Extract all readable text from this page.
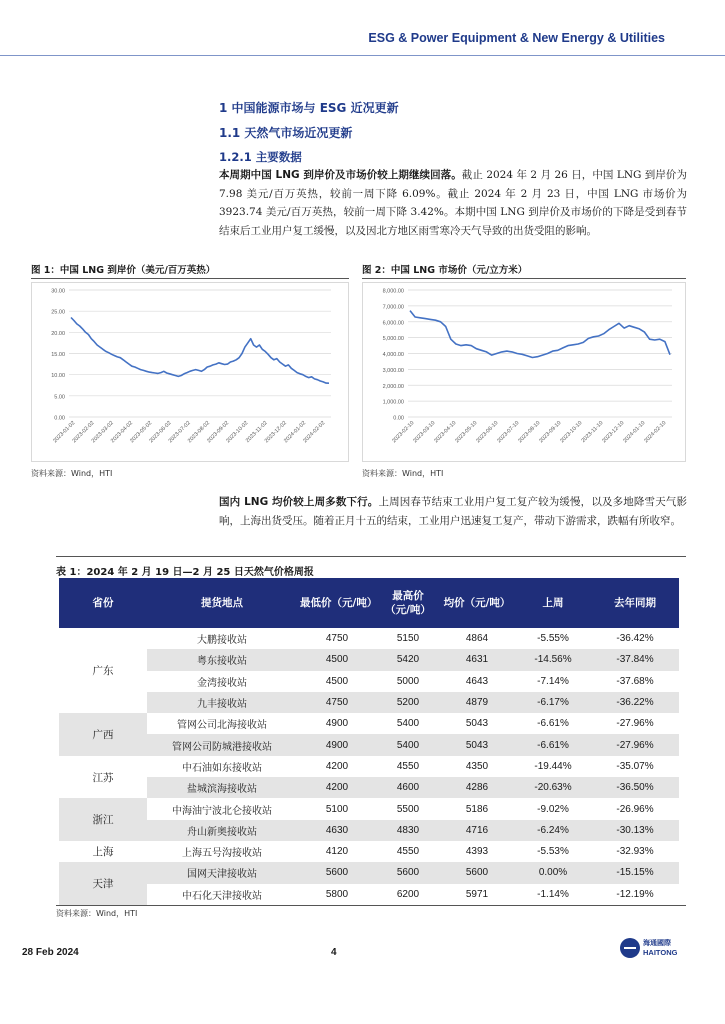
ESG & Power Equipment & New Energy & Utilities
1 中国能源市场与 ESG 近况更新
1.1 天然气市场近况更新
1.2.1 主要数据
本周期中国 LNG 到岸价及市场价较上期继续回落。截止 2024 年 2 月 26 日，中国 LNG 到岸价为 7.98 美元/百万英热，较前一周下降 6.09%。截止 2024 年 2 月 23 日，中国 LNG 市场价为 3923.74 美元/百万英热，较前一周下降 3.42%。本期中国 LNG 到岸价及市场价的下降是受到春节结束后工业用户复工缓慢，以及因北方地区雨雪寒冷天气导致的出货受阻的影响。
图 1：中国 LNG 到岸价（美元/百万英热）
0.00
5.00
10.00
15.00
20.00
25.00
30.00
2023-01-02
2023-02-02
2023-03-02
2023-04-02
2023-05-02
2023-06-02
2023-07-02
2023-08-02
2023-09-02
2023-10-02
2023-11-02
2023-12-02
2024-01-02
2024-02-02
资料来源：Wind，HTI
图 2：中国 LNG 市场价（元/立方米）
0.00
1,000.00
2,000.00
3,000.00
4,000.00
5,000.00
6,000.00
7,000.00
8,000.00
2023-02-10
2023-03-10
2023-04-10
2023-05-10
2023-06-10
2023-07-10
2023-08-10
2023-09-10
2023-10-10
2023-11-10
2023-12-10
2024-01-10
2024-02-10
资料来源：Wind，HTI
国内 LNG 均价较上周多数下行。上周因春节结束工业用户复工复产较为缓慢，以及多地降雪天气影响，上海出货受压。随着正月十五的结束，工业用户迅速复工复产，带动下游需求，跌幅有所收窄。
表 1：2024 年 2 月 19 日—2 月 25 日天然气价格周报
省份	提货地点	最低价（元/吨）	最高价（元/吨）	均价（元/吨）	上周	去年同期
广东	大鹏接收站	4750	5150	4864	-5.55%	-36.42%
	粤东接收站	4500	5420	4631	-14.56%	-37.84%
	金湾接收站	4500	5000	4643	-7.14%	-37.68%
	九丰接收站	4750	5200	4879	-6.17%	-36.22%
广西	管网公司北海接收站	4900	5400	5043	-6.61%	-27.96%
	管网公司防城港接收站	4900	5400	5043	-6.61%	-27.96%
江苏	中石油如东接收站	4200	4550	4350	-19.44%	-35.07%
	盐城滨海接收站	4200	4600	4286	-20.63%	-36.50%
浙江	中海油宁波北仑接收站	5100	5500	5186	-9.02%	-26.96%
	舟山新奥接收站	4630	4830	4716	-6.24%	-30.13%
上海	上海五号沟接收站	4120	4550	4393	-5.53%	-32.93%
天津	国网天津接收站	5600	5600	5600	0.00%	-15.15%
	中石化天津接收站	5800	6200	5971	-1.14%	-12.19%
资料来源：Wind，HTI
28 Feb 2024	4
海通國際
HAITONG
